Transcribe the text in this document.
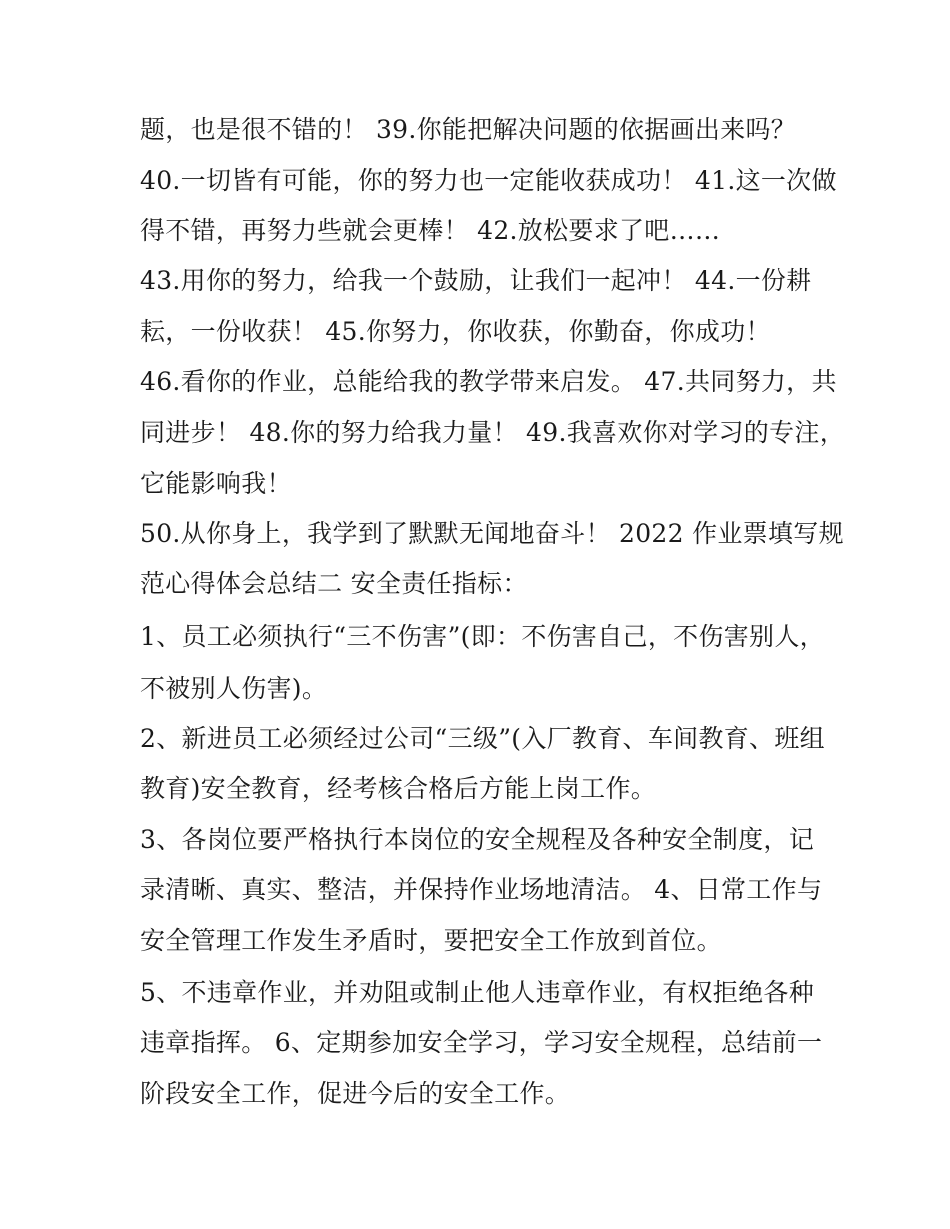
题，也是很不错的！ 39.你能把解决问题的依据画出来吗？
40.一切皆有可能，你的努力也一定能收获成功！ 41.这一次做
得不错，再努力些就会更棒！ 42.放松要求了吧……
43.用你的努力，给我一个鼓励，让我们一起冲！ 44.一份耕
耘，一份收获！ 45.你努力，你收获，你勤奋，你成功！
46.看你的作业，总能给我的教学带来启发。 47.共同努力，共
同进步！ 48.你的努力给我力量！ 49.我喜欢你对学习的专注，
它能影响我！
50.从你身上，我学到了默默无闻地奋斗！ 2022 作业票填写规
范心得体会总结二 安全责任指标：
1、员工必须执行“三不伤害”(即：不伤害自己，不伤害别人，
不被别人伤害)。
2、新进员工必须经过公司“三级”(入厂教育、车间教育、班组
教育)安全教育，经考核合格后方能上岗工作。
3、各岗位要严格执行本岗位的安全规程及各种安全制度，记
录清晰、真实、整洁，并保持作业场地清洁。 4、日常工作与
安全管理工作发生矛盾时，要把安全工作放到首位。
5、不违章作业，并劝阻或制止他人违章作业，有权拒绝各种
违章指挥。 6、定期参加安全学习，学习安全规程，总结前一
阶段安全工作，促进今后的安全工作。
